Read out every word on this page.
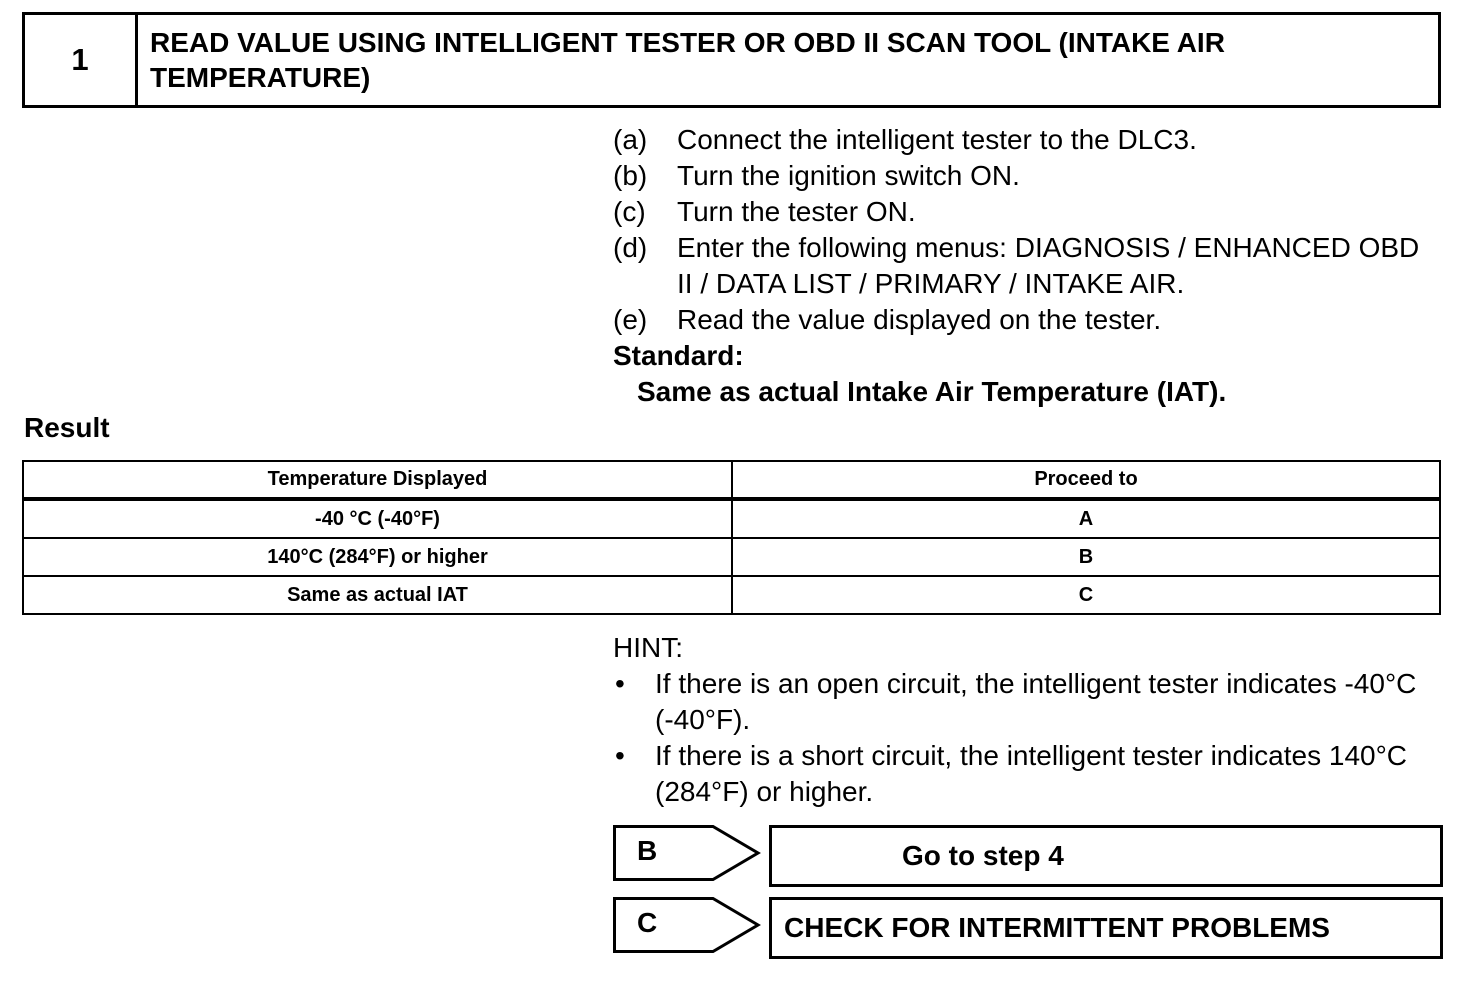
1	READ VALUE USING INTELLIGENT TESTER OR OBD II SCAN TOOL (INTAKE AIR TEMPERATURE)
(a)	Connect the intelligent tester to the DLC3.
(b)	Turn the ignition switch ON.
(c)	Turn the tester ON.
(d)	Enter the following menus: DIAGNOSIS / ENHANCED OBD II / DATA LIST / PRIMARY / INTAKE AIR.
(e)	Read the value displayed on the tester.
Standard:
Same as actual Intake Air Temperature (IAT).
Result
Temperature Displayed	Proceed to
-40 °C (-40°F)	A
140°C (284°F) or higher	B
Same as actual IAT	C
HINT:
•	If there is an open circuit, the intelligent tester indicates -40°C (-40°F).
•	If there is a short circuit, the intelligent tester indicates 140°C (284°F) or higher.
B	Go to step 4
C	CHECK FOR INTERMITTENT PROBLEMS
